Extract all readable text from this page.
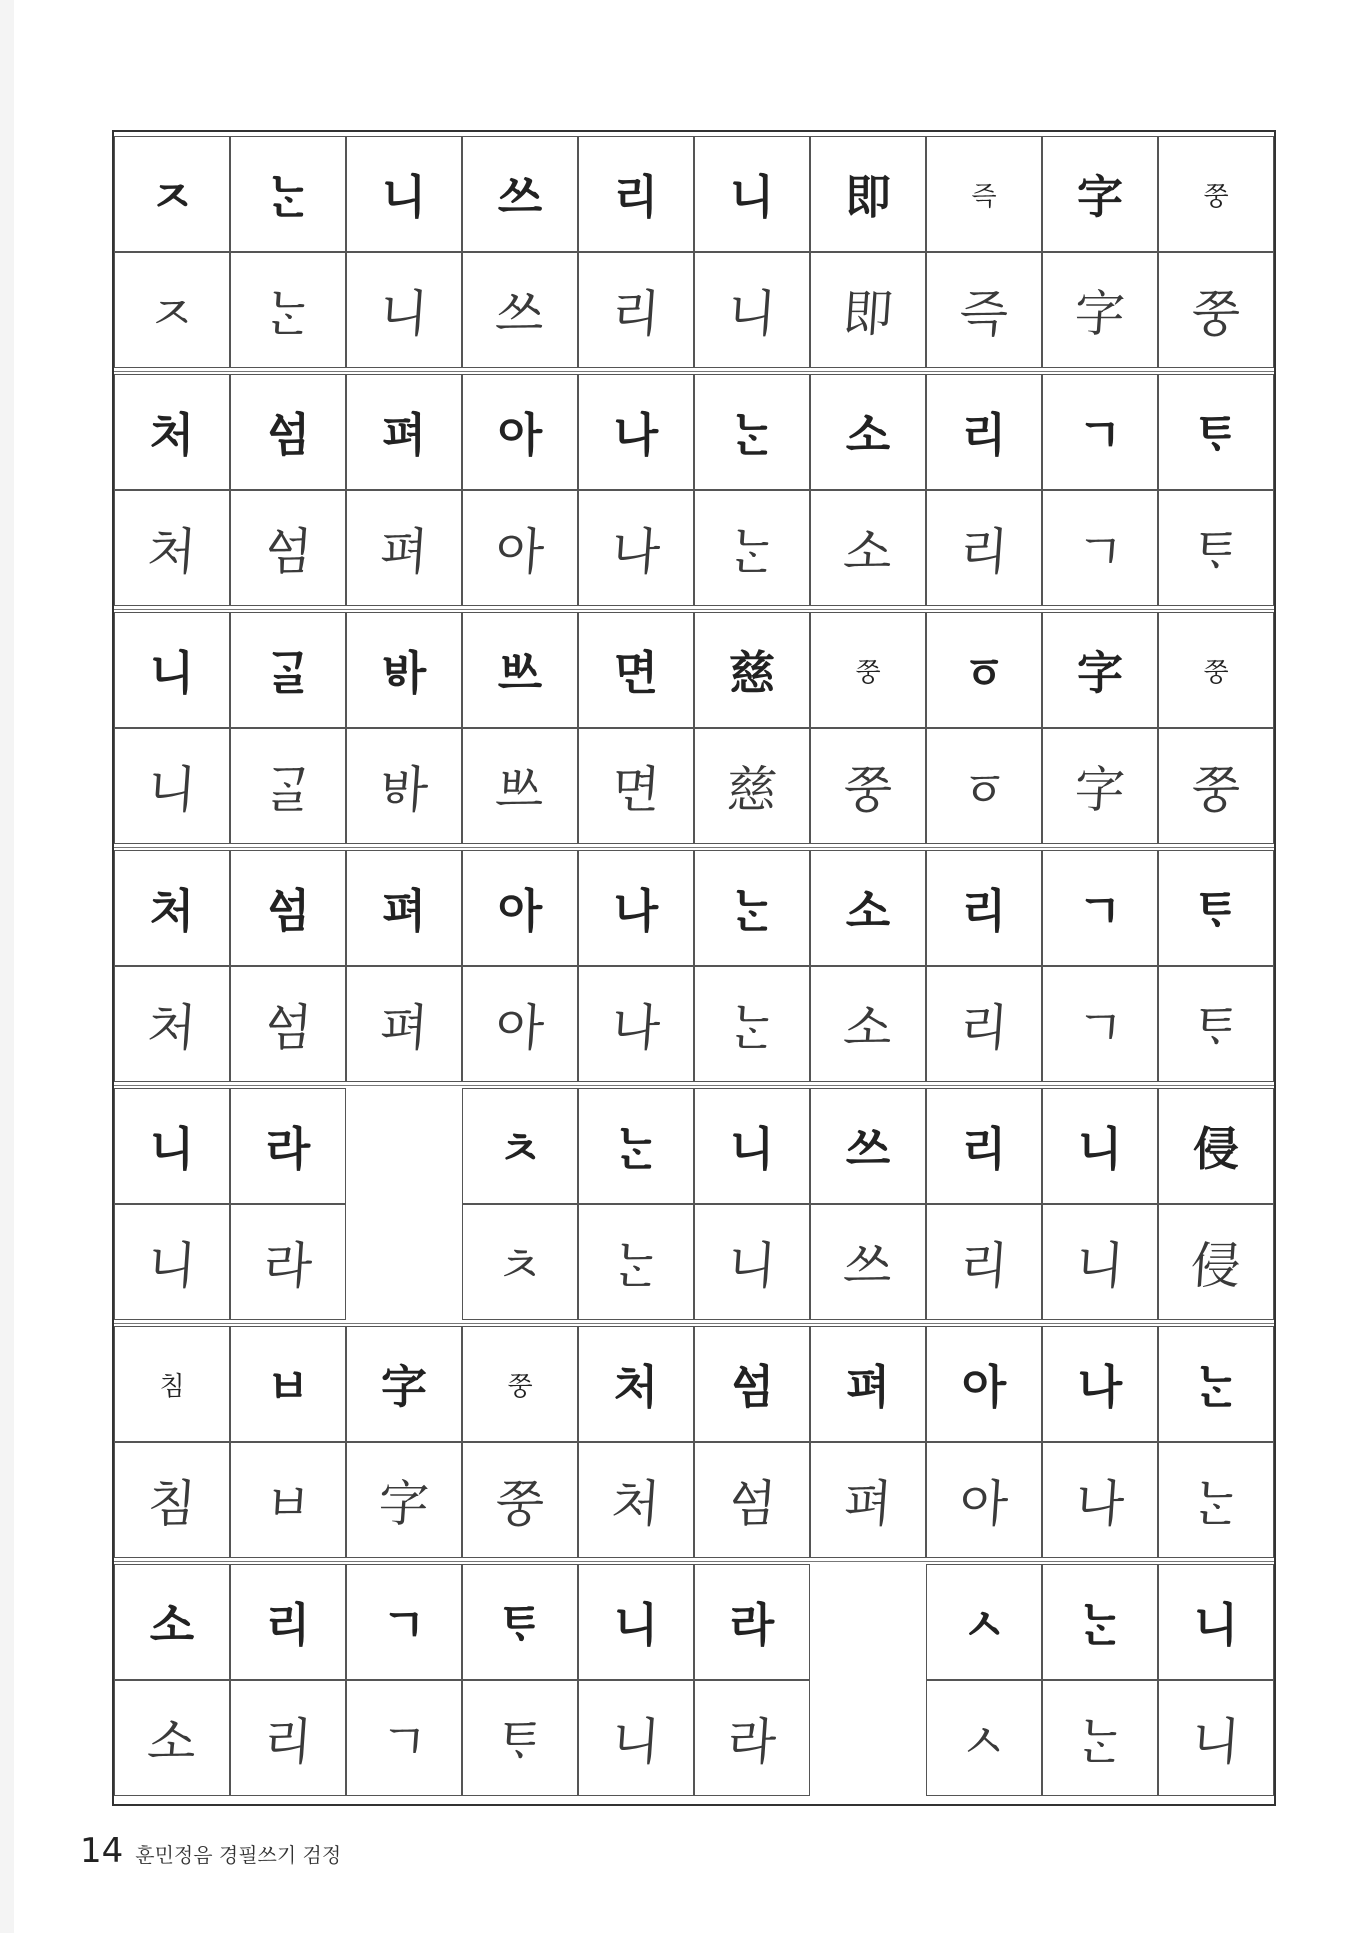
ㅈ
ㅈ
ᄂᆞᆫ
ᄂᆞᆫ
니
니
쓰
쓰
리
리
니
니
即
即
즉
즉
字
字
쭝
쭝
처
처
ᅀᅥᆷ
ᅀᅥᆷ
펴
펴
아
아
나
나
ᄂᆞᆫ
ᄂᆞᆫ
소
소
리
리
ㄱ
ㄱ
ᄐᆞ
ᄐᆞ
니
니
ᄀᆞᆯ
ᄀᆞᆯ
ᄫᅡ
ᄫᅡ
ᄡᅳ
ᄡᅳ
면
면
慈
慈
쭝
쭝
ㆆ
ㆆ
字
字
쭝
쭝
처
처
ᅀᅥᆷ
ᅀᅥᆷ
펴
펴
아
아
나
나
ᄂᆞᆫ
ᄂᆞᆫ
소
소
리
리
ㄱ
ㄱ
ᄐᆞ
ᄐᆞ
니
니
라
라
ㅊ
ㅊ
ᄂᆞᆫ
ᄂᆞᆫ
니
니
쓰
쓰
리
리
니
니
侵
侵
침
침
ㅂ
ㅂ
字
字
쭝
쭝
처
처
ᅀᅥᆷ
ᅀᅥᆷ
펴
펴
아
아
나
나
ᄂᆞᆫ
ᄂᆞᆫ
소
소
리
리
ㄱ
ㄱ
ᄐᆞ
ᄐᆞ
니
니
라
라
ㅅ
ㅅ
ᄂᆞᆫ
ᄂᆞᆫ
니
니
14 훈민정음 경필쓰기 검정
